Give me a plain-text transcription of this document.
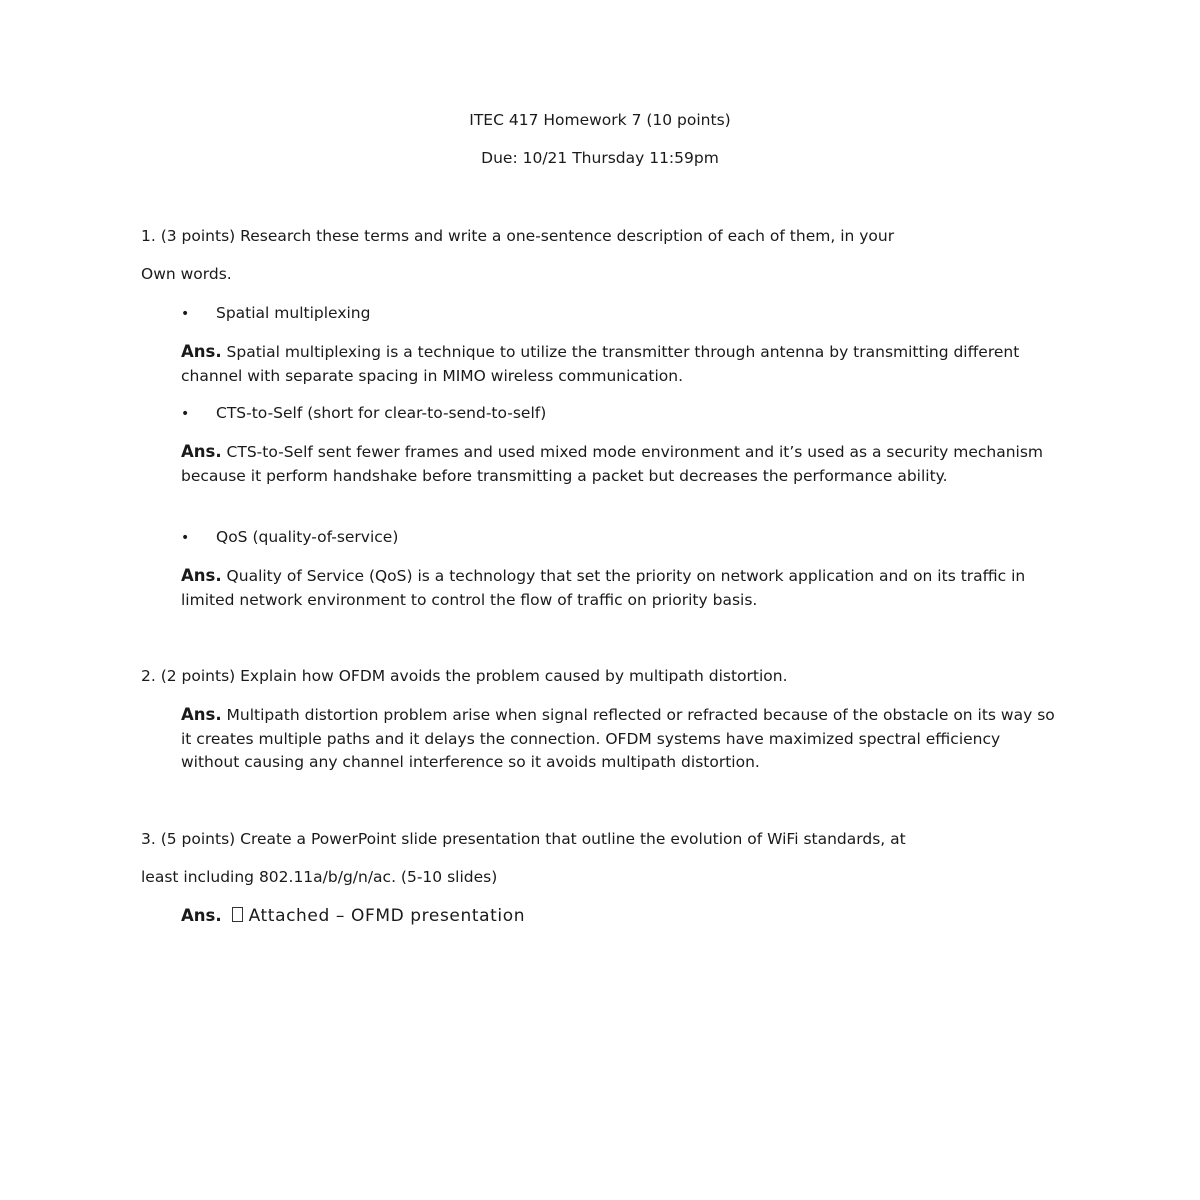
ITEC 417 Homework 7 (10 points)
Due: 10/21 Thursday 11:59pm
1. (3 points) Research these terms and write a one-sentence description of each of them, in your
Own words.
• Spatial multiplexing
Ans. Spatial multiplexing is a technique to utilize the transmitter through antenna by transmitting different channel with separate spacing in MIMO wireless communication.
• CTS-to-Self (short for clear-to-send-to-self)
Ans. CTS-to-Self sent fewer frames and used mixed mode environment and it’s used as a security mechanism because it perform handshake before transmitting a packet but decreases the performance ability.
• QoS (quality-of-service)
Ans. Quality of Service (QoS) is a technology that set the priority on network application and on its traffic in limited network environment to control the flow of traffic on priority basis.
2. (2 points) Explain how OFDM avoids the problem caused by multipath distortion.
Ans. Multipath distortion problem arise when signal reflected or refracted because of the obstacle on its way so it creates multiple paths and it delays the connection. OFDM systems have maximized spectral efficiency without causing any channel interference so it avoids multipath distortion.
3. (5 points) Create a PowerPoint slide presentation that outline the evolution of WiFi standards, at
least including 802.11a/b/g/n/ac. (5-10 slides)
Ans. Attached – OFMD presentation
